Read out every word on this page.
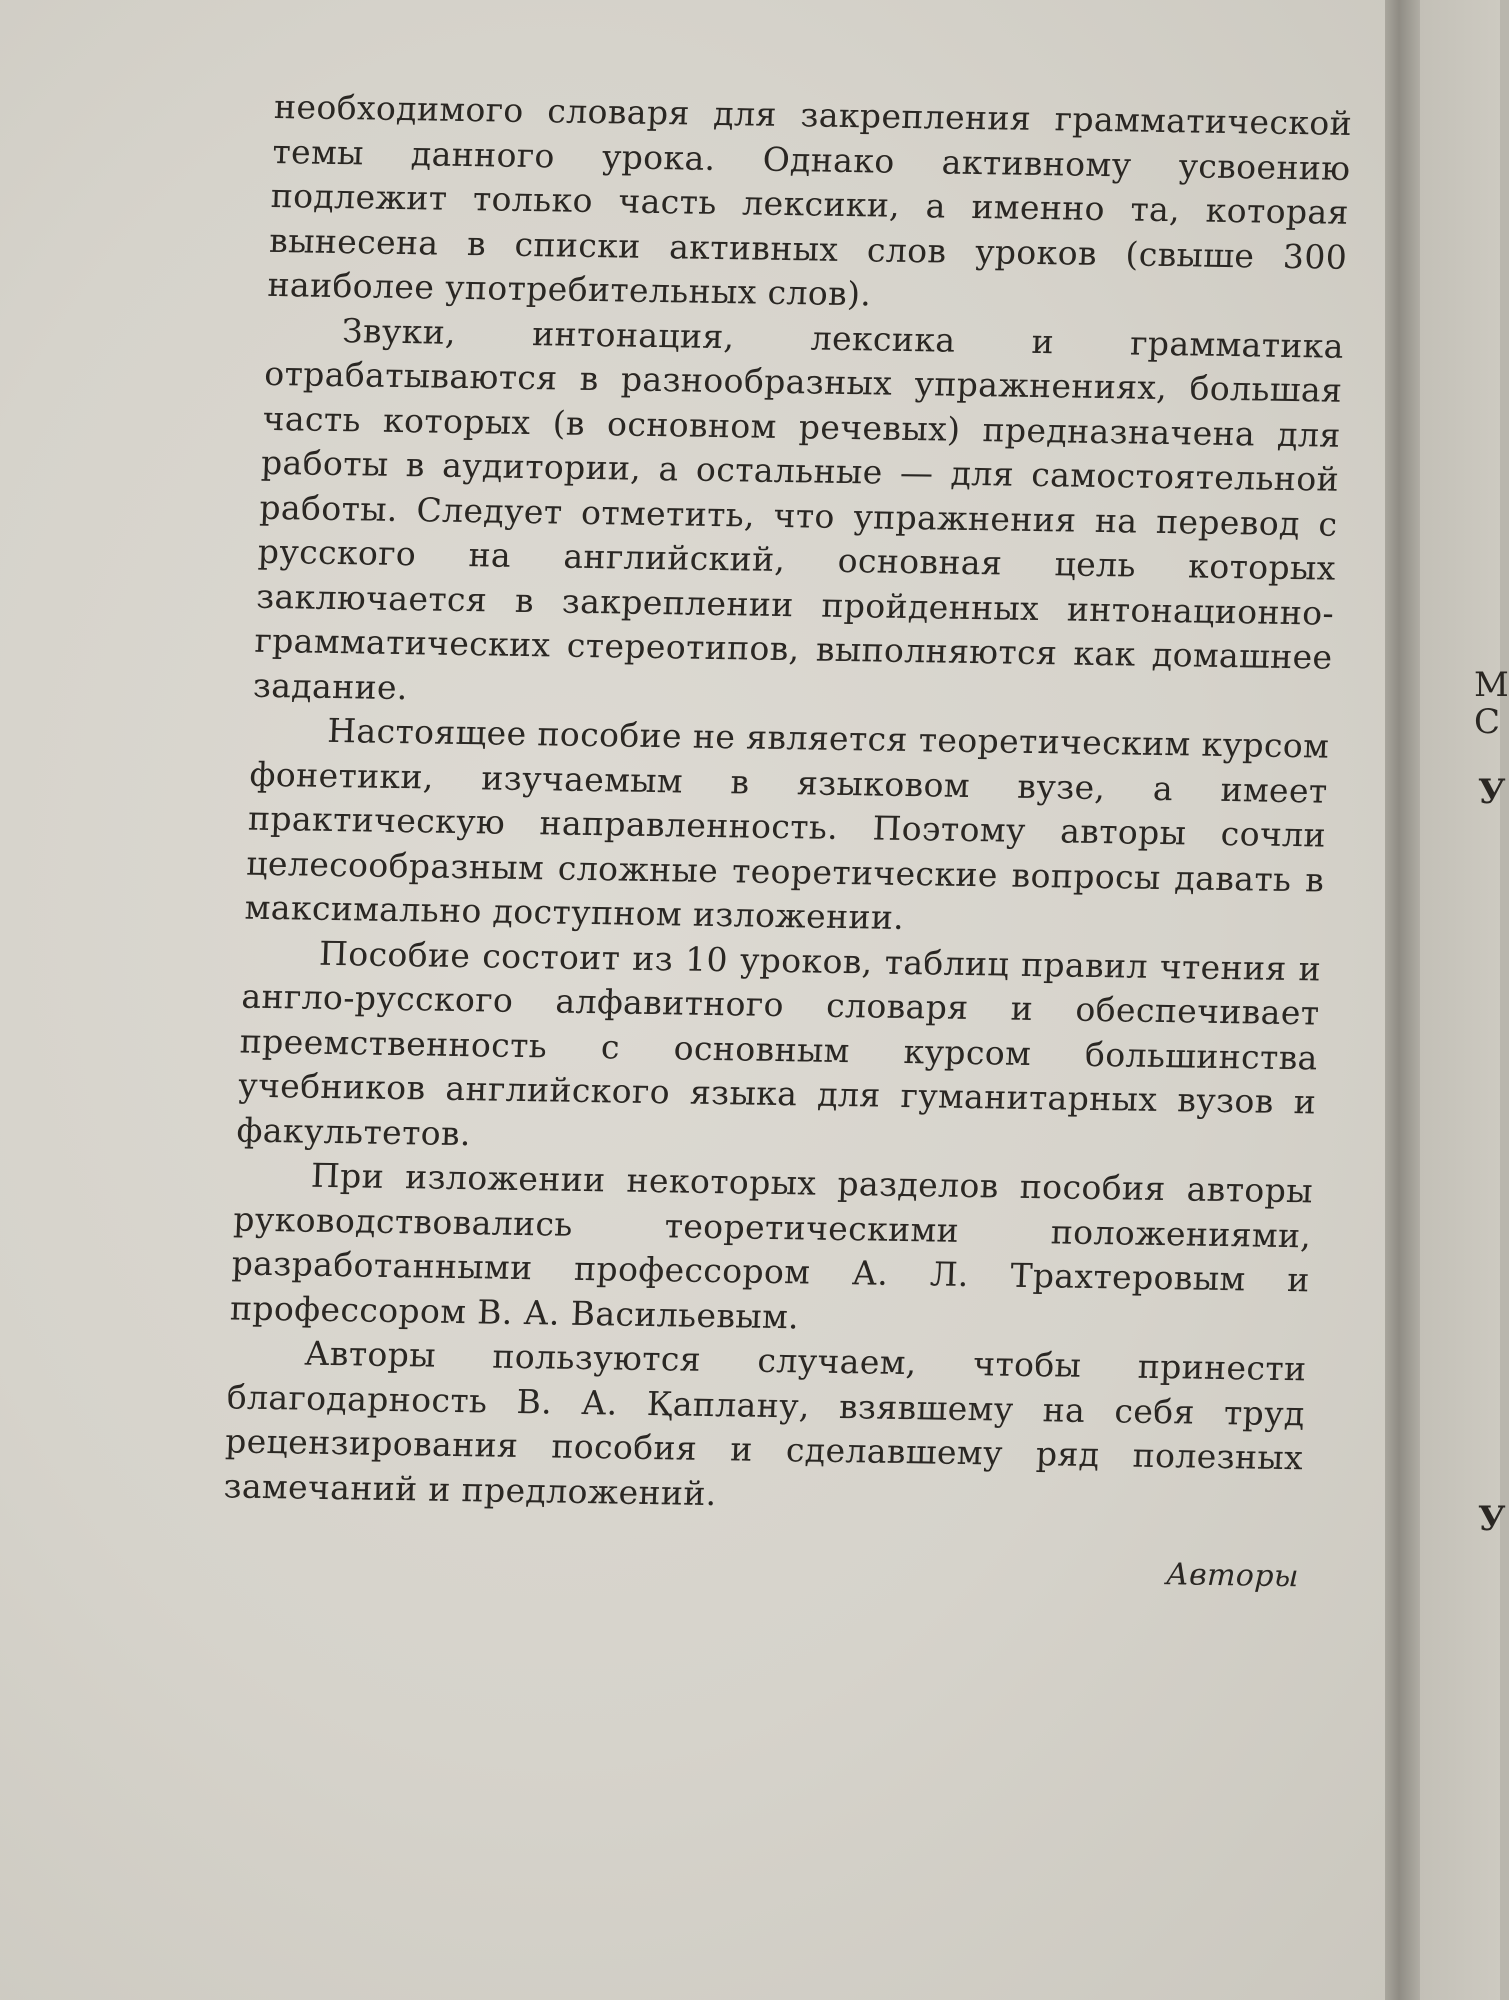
необходимого словаря для закрепления грамматической темы данного урока. Однако активному усвоению подлежит только часть лексики, а именно та, которая вынесена в списки активных слов уроков (свыше 300 наиболее употребительных слов).

Звуки, интонация, лексика и грамматика отрабатываются в разнообразных упражнениях, большая часть которых (в основном речевых) предназначена для работы в аудитории, а остальные — для самостоятельной работы. Следует отметить, что упражнения на перевод с русского на английский, основная цель которых заключается в закреплении пройденных интонационно-грамматических стереотипов, выполняются как домашнее задание.

Настоящее пособие не является теоретическим курсом фонетики, изучаемым в языковом вузе, а имеет практическую направленность. Поэтому авторы сочли целесообразным сложные теоретические вопросы давать в максимально доступном изложении.

Пособие состоит из 10 уроков, таблиц правил чтения и англо-русского алфавитного словаря и обеспечивает преемственность с основным курсом большинства учебников английского языка для гуманитарных вузов и факультетов.

При изложении некоторых разделов пособия авторы руководствовались теоретическими положениями, разработанными профессором А. Л. Трахтеровым и профессором В. А. Васильевым.

Авторы пользуются случаем, чтобы принести благодарность В. А. Қаплану, взявшему на себя труд рецензирования пособия и сделавшему ряд полезных замечаний и предложений.

Авторы

М
С
У
У
